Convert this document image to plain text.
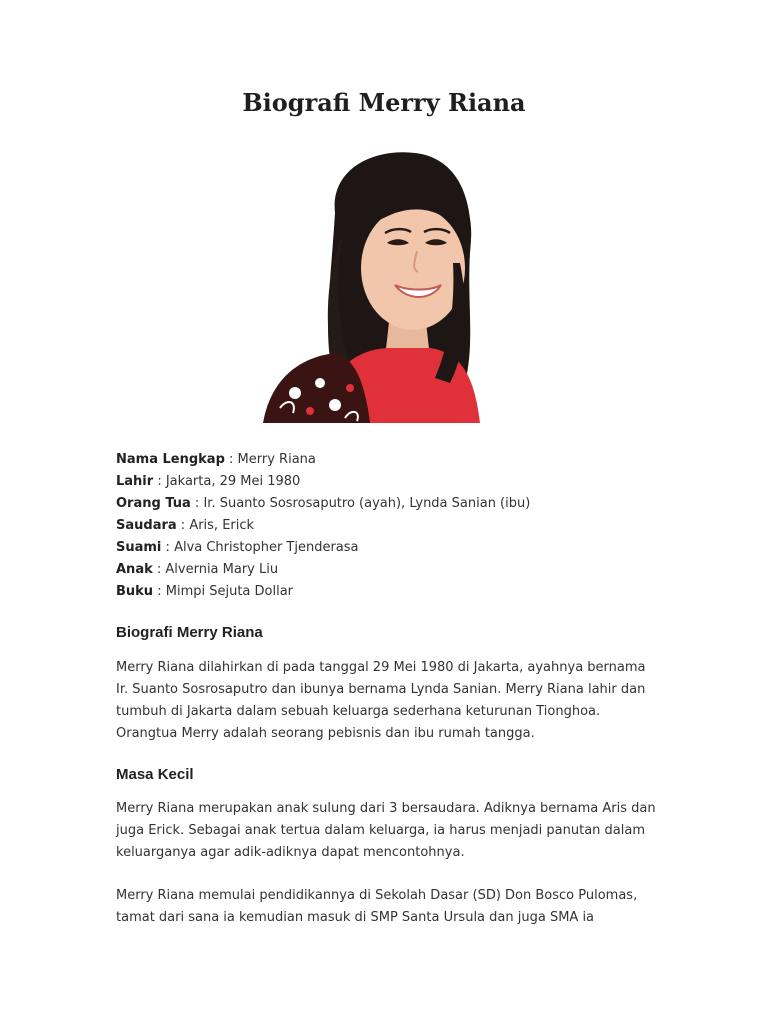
Biografi Merry Riana
Nama Lengkap : Merry Riana
Lahir : Jakarta, 29 Mei 1980
Orang Tua : Ir. Suanto Sosrosaputro (ayah), Lynda Sanian (ibu)
Saudara : Aris, Erick
Suami : Alva Christopher Tjenderasa
Anak : Alvernia Mary Liu
Buku : Mimpi Sejuta Dollar
Biografi Merry Riana

Merry Riana dilahirkan di pada tanggal 29 Mei 1980 di Jakarta, ayahnya bernama Ir. Suanto Sosrosaputro dan ibunya bernama Lynda Sanian. Merry Riana lahir dan tumbuh di Jakarta dalam sebuah keluarga sederhana keturunan Tionghoa. Orangtua Merry adalah seorang pebisnis dan ibu rumah tangga.

Masa Kecil

Merry Riana merupakan anak sulung dari 3 bersaudara. Adiknya bernama Aris dan juga Erick. Sebagai anak tertua dalam keluarga, ia harus menjadi panutan dalam keluarganya agar adik-adiknya dapat mencontohnya.

Merry Riana memulai pendidikannya di Sekolah Dasar (SD) Don Bosco Pulomas, tamat dari sana ia kemudian masuk di SMP Santa Ursula dan juga SMA ia
